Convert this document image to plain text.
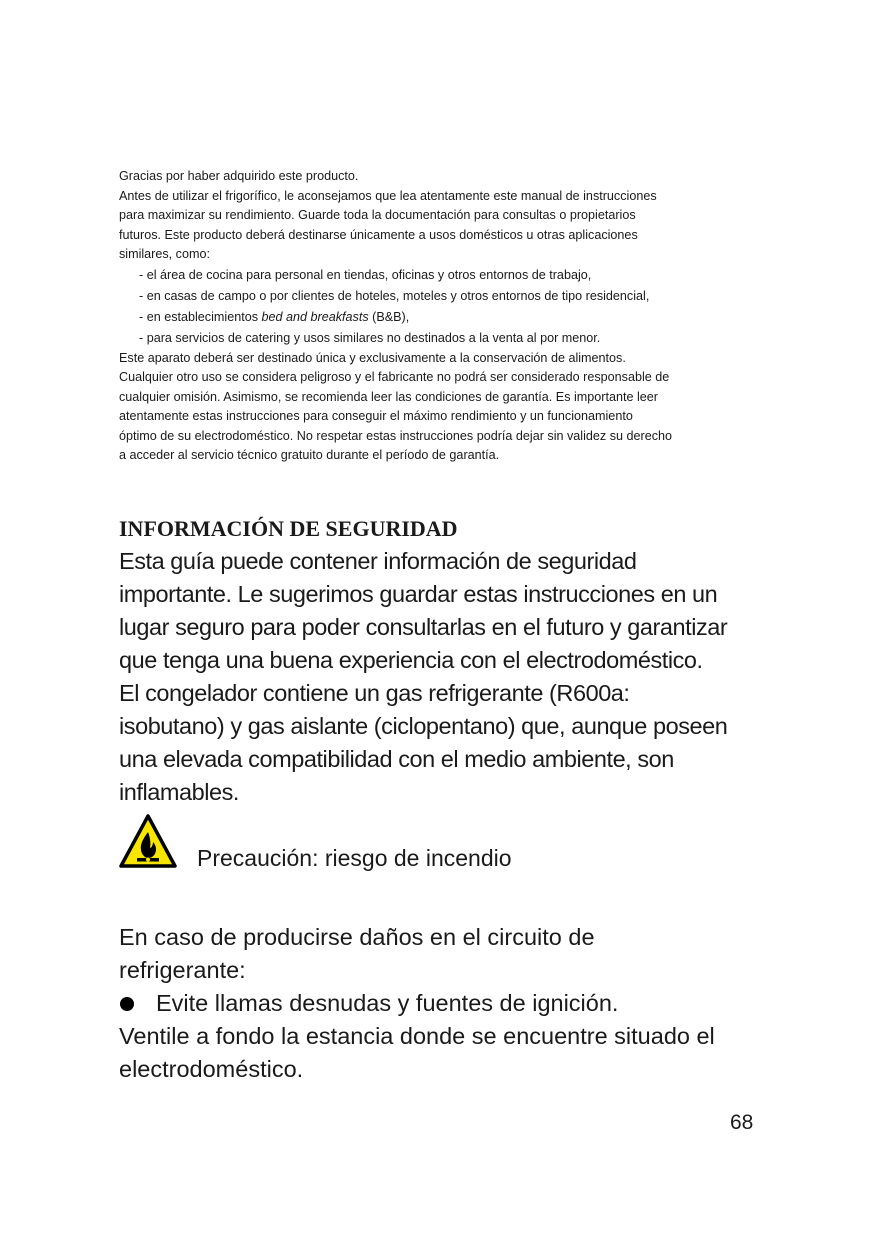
Gracias por haber adquirido este producto.

Antes de utilizar el frigorífico, le aconsejamos que lea atentamente este manual de instrucciones

para maximizar su rendimiento. Guarde toda la documentación para consultas o propietarios

futuros. Este producto deberá destinarse únicamente a usos domésticos u otras aplicaciones

similares, como:

- el área de cocina para personal en tiendas, oficinas y otros entornos de trabajo,
- en casas de campo o por clientes de hoteles, moteles y otros entornos de tipo residencial,
- en establecimientos bed and breakfasts (B&B),
- para servicios de catering y usos similares no destinados a la venta al por menor.

Este aparato deberá ser destinado única y exclusivamente a la conservación de alimentos.

Cualquier otro uso se considera peligroso y el fabricante no podrá ser considerado responsable de

cualquier omisión. Asimismo, se recomienda leer las condiciones de garantía. Es importante leer

atentamente estas instrucciones para conseguir el máximo rendimiento y un funcionamiento

óptimo de su electrodoméstico. No respetar estas instrucciones podría dejar sin validez su derecho

a acceder al servicio técnico gratuito durante el período de garantía.

INFORMACIÓN DE SEGURIDAD

Esta guía puede contener información de seguridad

importante. Le sugerimos guardar estas instrucciones en un

lugar seguro para poder consultarlas en el futuro y garantizar

que tenga una buena experiencia con el electrodoméstico.

El congelador contiene un gas refrigerante (R600a:

isobutano) y gas aislante (ciclopentano) que, aunque poseen

una elevada compatibilidad con el medio ambiente, son

inflamables.

Precaución: riesgo de incendio

En caso de producirse daños en el circuito de

refrigerante:

Evite llamas desnudas y fuentes de ignición.

Ventile a fondo la estancia donde se encuentre situado el

electrodoméstico.

68
